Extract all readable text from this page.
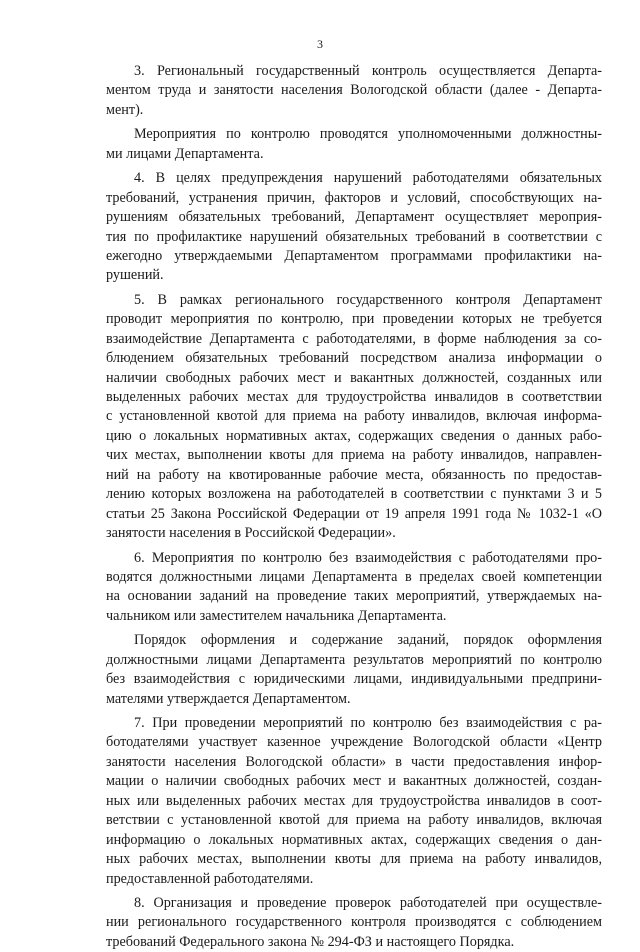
3
3. Региональный государственный контроль осуществляется Департа-
ментом труда и занятости населения Вологодской области (далее - Департа-
мент).
Мероприятия по контролю проводятся уполномоченными должностны-
ми лицами Департамента.
4. В целях предупреждения нарушений работодателями обязательных
требований, устранения причин, факторов и условий, способствующих на-
рушениям обязательных требований, Департамент осуществляет мероприя-
тия по профилактике нарушений обязательных требований в соответствии с
ежегодно утверждаемыми Департаментом программами профилактики на-
рушений.
5. В рамках регионального государственного контроля Департамент
проводит мероприятия по контролю, при проведении которых не требуется
взаимодействие Департамента с работодателями, в форме наблюдения за со-
блюдением обязательных требований посредством анализа информации о
наличии свободных рабочих мест и вакантных должностей, созданных или
выделенных рабочих местах для трудоустройства инвалидов в соответствии
с установленной квотой для приема на работу инвалидов, включая информа-
цию о локальных нормативных актах, содержащих сведения о данных рабо-
чих местах, выполнении квоты для приема на работу инвалидов, направлен-
ний на работу на квотированные рабочие места, обязанность по предостав-
лению которых возложена на работодателей в соответствии с пунктами 3 и 5
статьи 25 Закона Российской Федерации от 19 апреля 1991 года № 1032-1 «О
занятости населения в Российской Федерации».
6. Мероприятия по контролю без взаимодействия с работодателями про-
водятся должностными лицами Департамента в пределах своей компетенции
на основании заданий на проведение таких мероприятий, утверждаемых на-
чальником или заместителем начальника Департамента.
Порядок оформления и содержание заданий, порядок оформления
должностными лицами Департамента результатов мероприятий по контролю
без взаимодействия с юридическими лицами, индивидуальными предприни-
мателями утверждается Департаментом.
7. При проведении мероприятий по контролю без взаимодействия с ра-
ботодателями участвует казенное учреждение Вологодской области «Центр
занятости населения Вологодской области» в части предоставления инфор-
мации о наличии свободных рабочих мест и вакантных должностей, создан-
ных или выделенных рабочих местах для трудоустройства инвалидов в соот-
ветствии с установленной квотой для приема на работу инвалидов, включая
информацию о локальных нормативных актах, содержащих сведения о дан-
ных рабочих местах, выполнении квоты для приема на работу инвалидов,
предоставленной работодателями.
8. Организация и проведение проверок работодателей при осуществле-
нии регионального государственного контроля производятся с соблюдением
требований Федерального закона № 294-ФЗ и настоящего Порядка.
